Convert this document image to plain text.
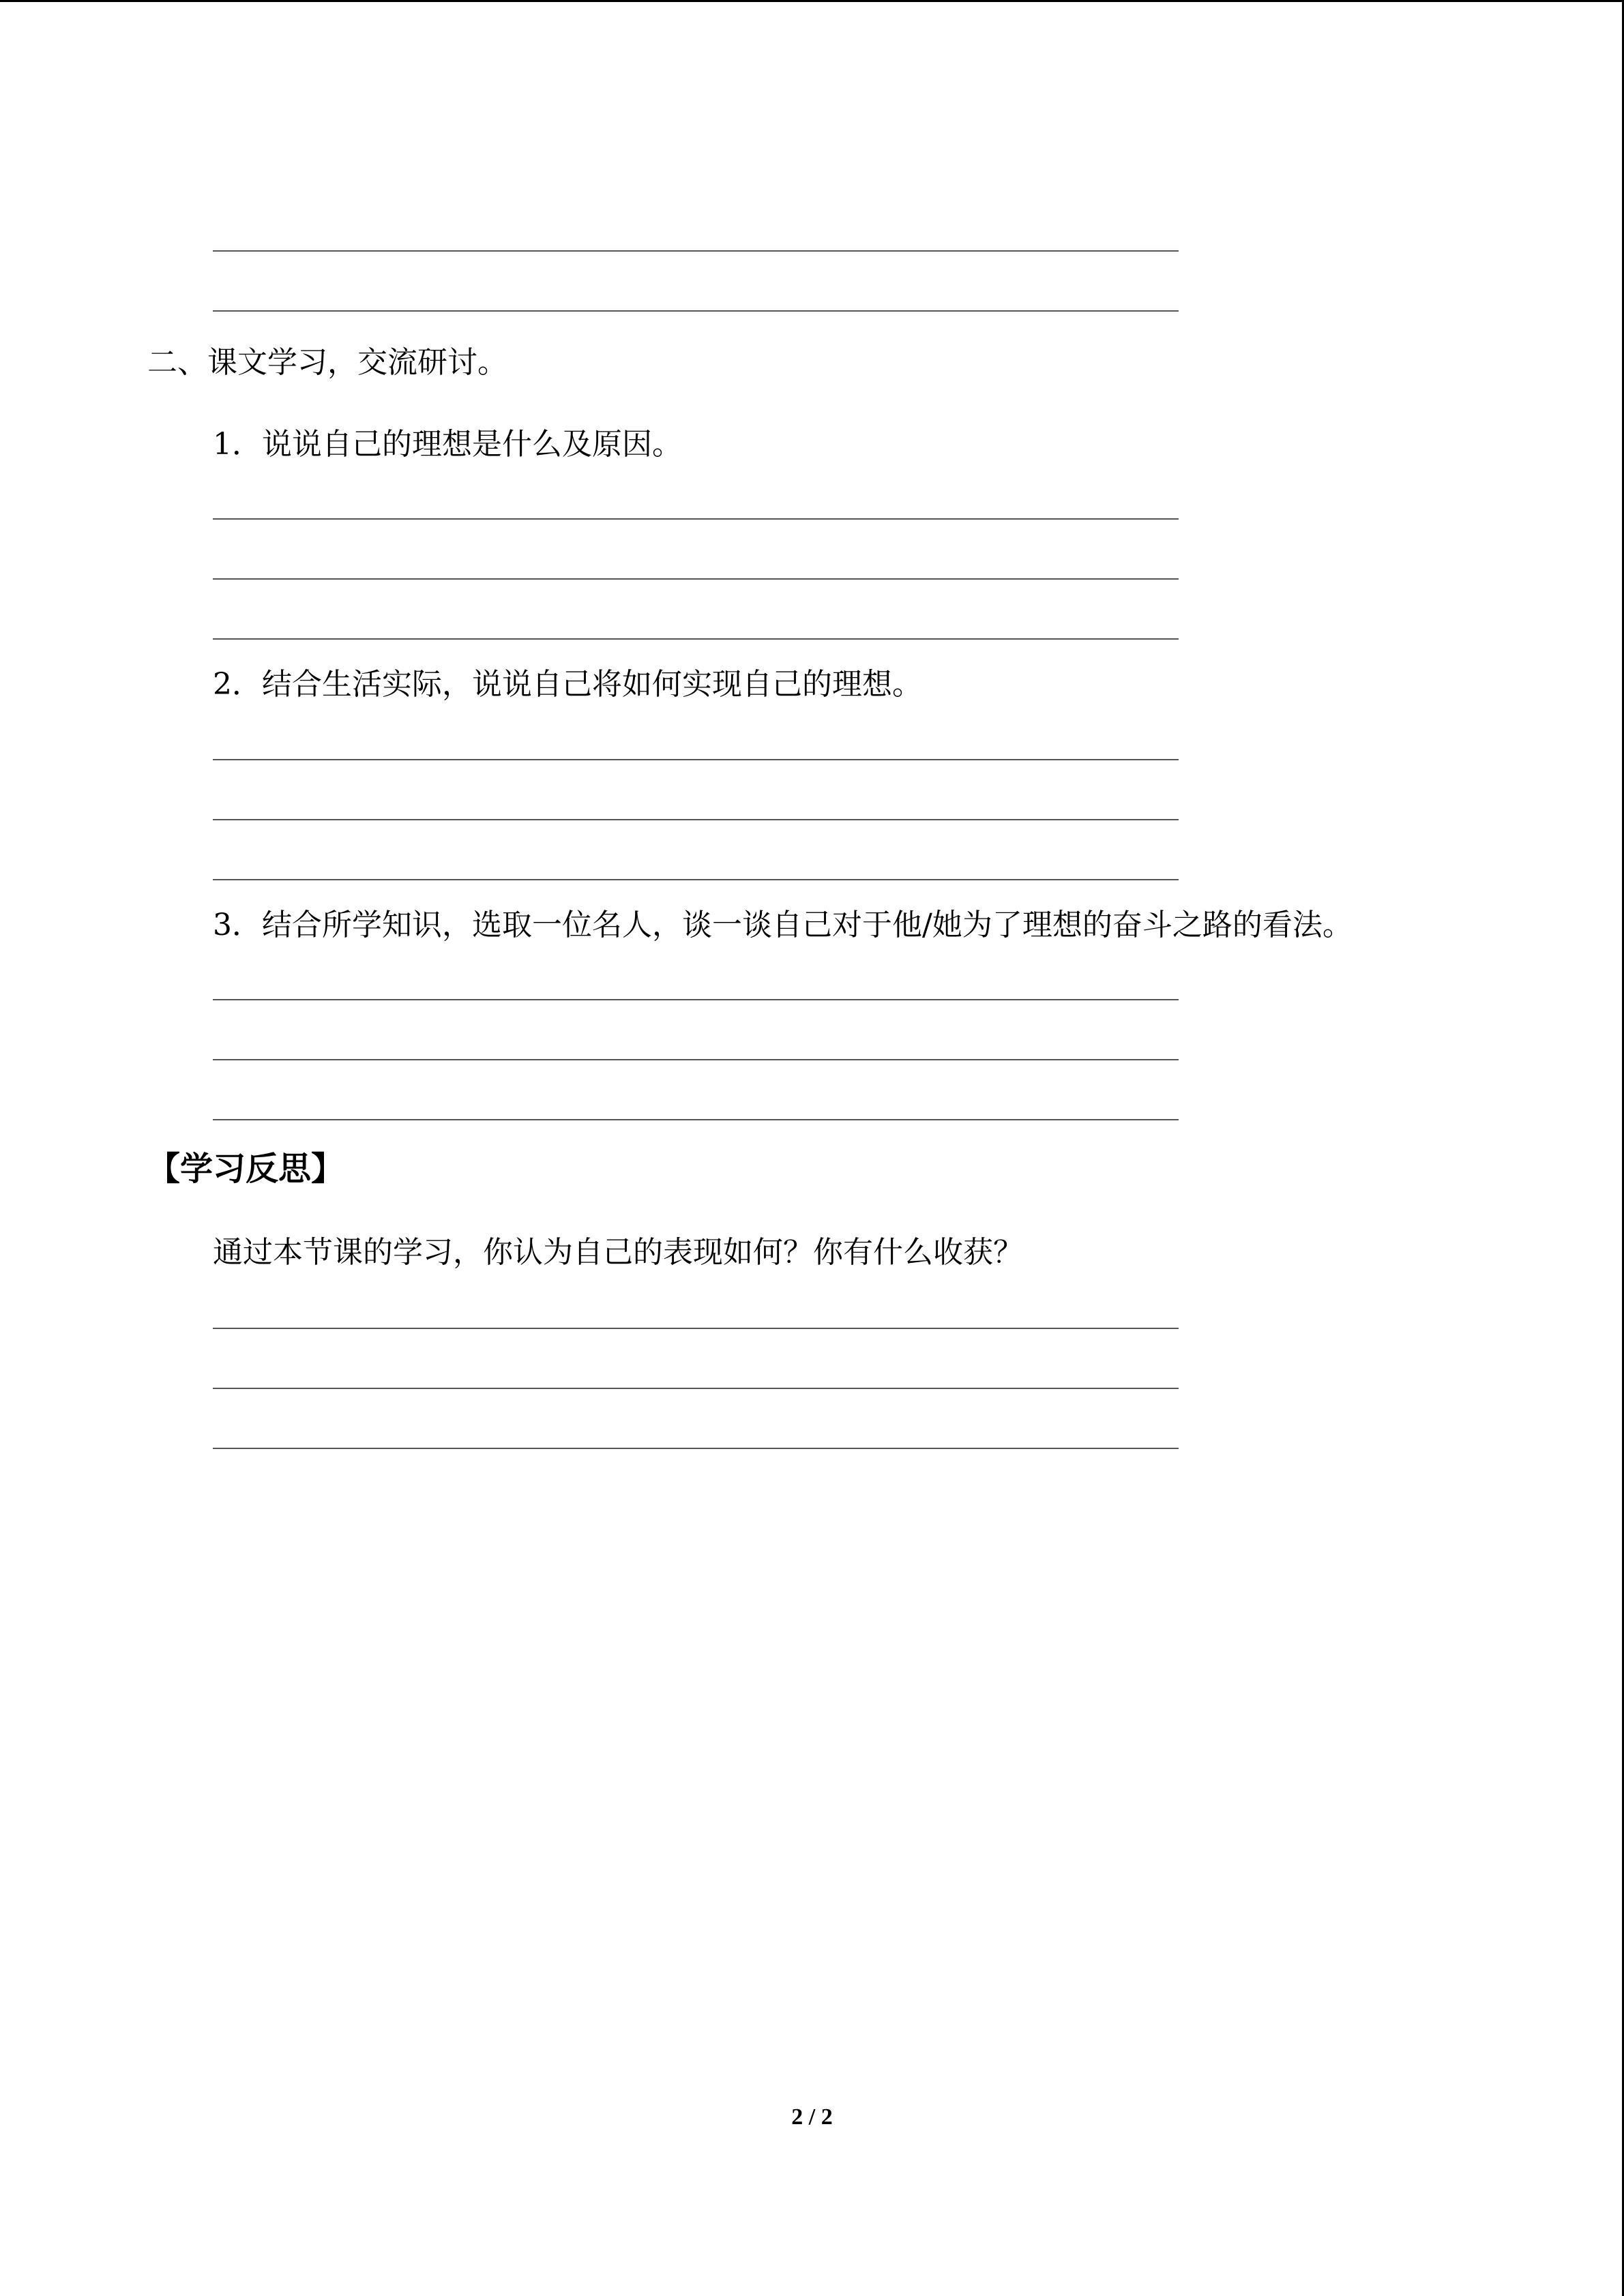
二、课文学习，交流研讨。
1．说说自己的理想是什么及原因。
2．结合生活实际，说说自己将如何实现自己的理想。
3．结合所学知识，选取一位名人，谈一谈自己对于他/她为了理想的奋斗之路的看法。
【学习反思】
通过本节课的学习，你认为自己的表现如何？你有什么收获？
2 / 2
